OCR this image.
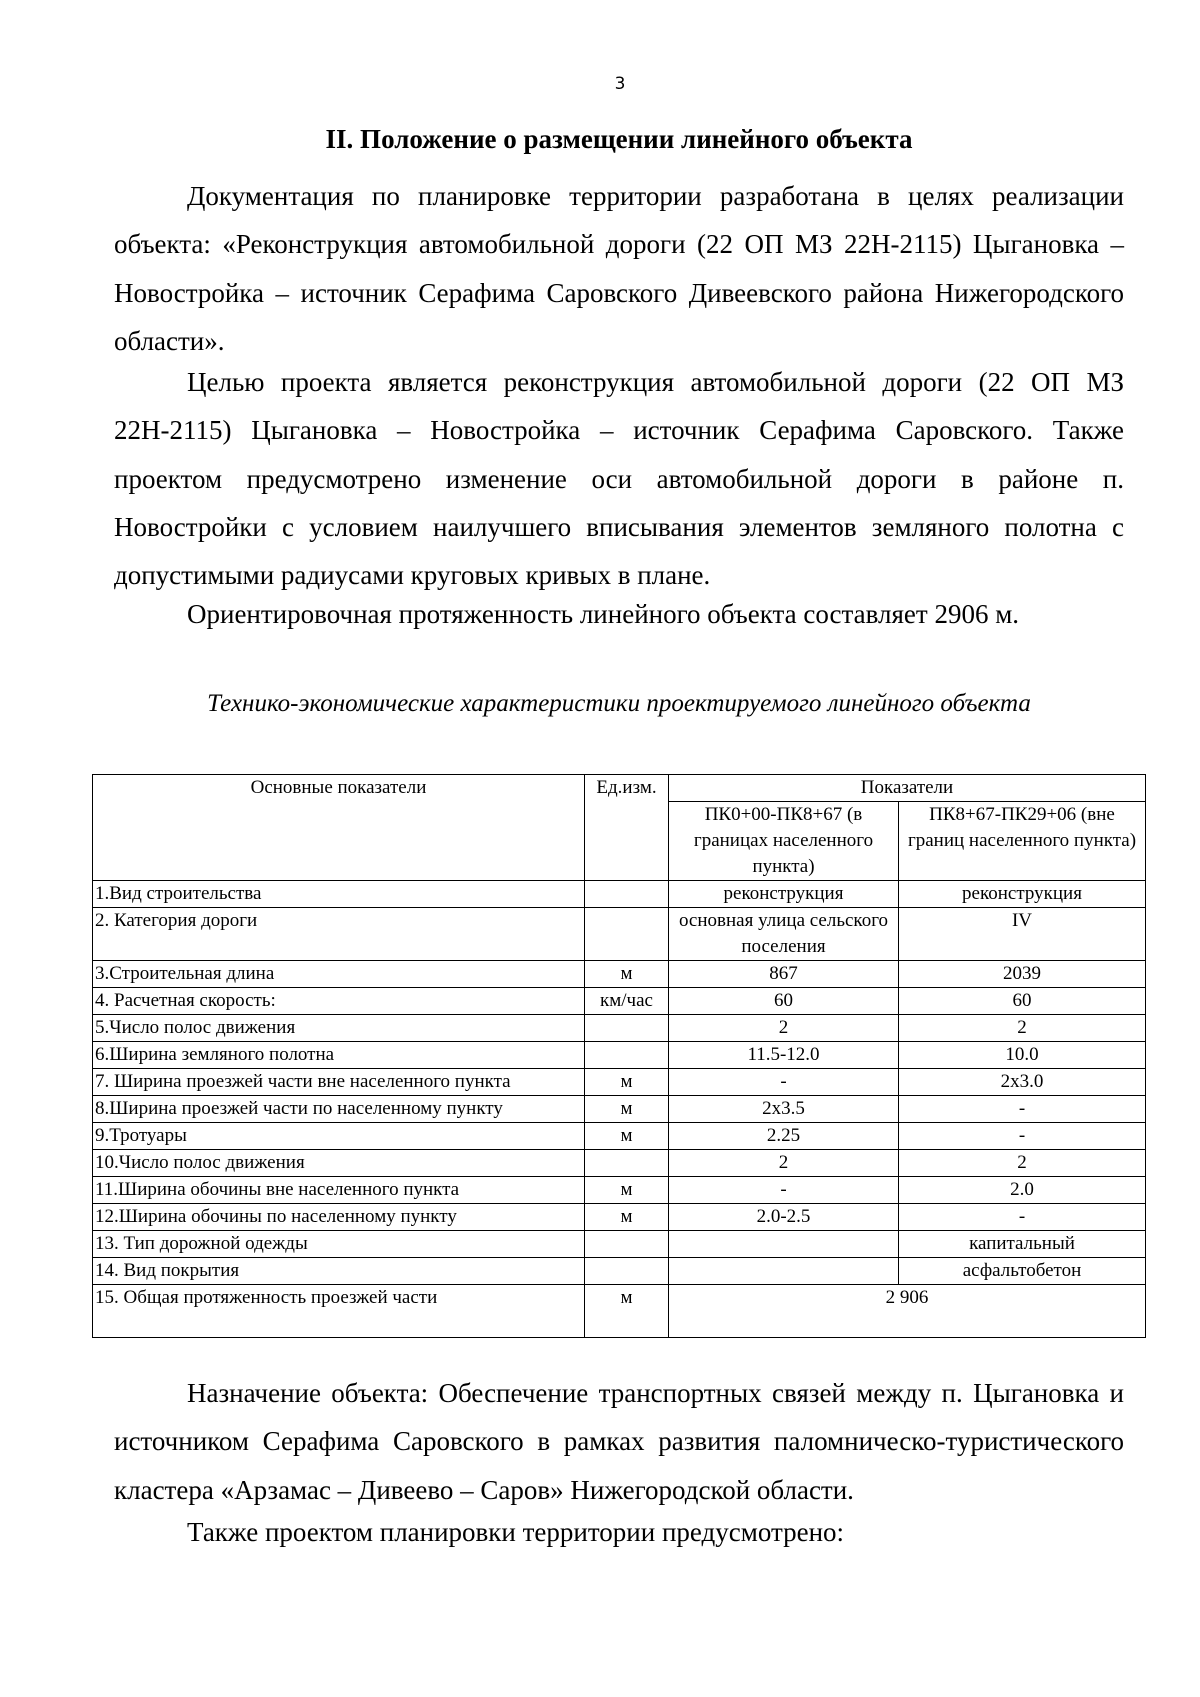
3
II. Положение о размещении линейного объекта

Документация по планировке территории разработана в целях реализации объекта: «Реконструкция автомобильной дороги (22 ОП МЗ 22Н-2115) Цыгановка – Новостройка – источник Серафима Саровского Дивеевского района Нижегородского области».

Целью проекта является реконструкция автомобильной дороги (22 ОП МЗ 22Н-2115) Цыгановка – Новостройка – источник Серафима Саровского. Также проектом предусмотрено изменение оси автомобильной дороги в районе п. Новостройки с условием наилучшего вписывания элементов земляного полотна с допустимыми радиусами круговых кривых в плане.

Ориентировочная протяженность линейного объекта составляет 2906 м.

Технико-экономические характеристики проектируемого линейного объекта
Основные показатели	Ед.изм.	Показатели	
		ПК0+00-ПК8+67 (в границах населенного пункта)	ПК8+67-ПК29+06 (вне границ населенного пункта)
1.Вид строительства		реконструкция	реконструкция
2. Категория дороги		основная улица сельского поселения	IV
3.Строительная длина	м	867	2039
4. Расчетная скорость:	км/час	60	60
5.Число полос движения		2	2
6.Ширина земляного полотна		11.5-12.0	10.0
7. Ширина проезжей части вне населенного пункта	м	-	2x3.0
8.Ширина проезжей части по населенному пункту	м	2x3.5	-
9.Тротуары	м	2.25	-
10.Число полос движения		2	2
11.Ширина обочины вне населенного пункта	м	-	2.0
12.Ширина обочины по населенному пункту	м	2.0-2.5	-
13. Тип дорожной одежды			капитальный
14. Вид покрытия			асфальтобетон
15. Общая протяженность проезжей части	м	2 906	

Назначение объекта: Обеспечение транспортных связей между п. Цыгановка и источником Серафима Саровского в рамках развития паломническо-туристического кластера «Арзамас – Дивеево – Саров» Нижегородской области.

Также проектом планировки территории предусмотрено:
